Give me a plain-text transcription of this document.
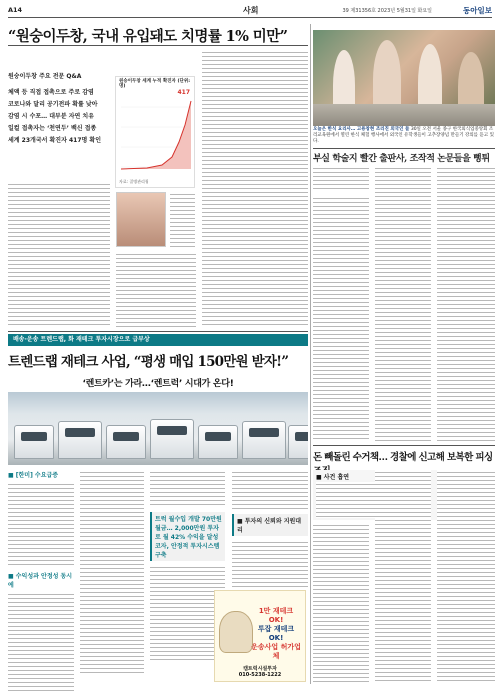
A14	사회	39 제31356호 2023년 5월31일 화요일	동아일보
“원숭이두창, 국내 유입돼도 치명률 1% 미만”
원숭이두창 주요 전문 Q&A
체액 등 직접 접촉으로 주로 감염
코로나와 달리 공기전파 확률 낮아
감염 시 수포… 대부분 자연 치유
일컬 접촉자는 ‘천연두’ 백신 접종
세계 23개국서 확진자 417명 확인
원숭이두창 세계 누적 확진자 (단위: 명)
417
자료: 질병관리청
오늘은 한식 요리사… 고용창현 조리진 외국인 들 30일 오전 서울 종구 한국외식업중앙회 조리교육원에서 열린 한식 체험 행사에서 외국인 유학생들이 고추장양념 만들기 강의를 듣고 있다.
부실 학술지 빨간 출판사, 조작적 논문들을 뻥튀
배송·운송 트렌드랩, 화 재테크 투자시장으로 급부상
트렌드랩 재테크 사업, “평생 매입 150만원 받자!”
‘렌트카’는 가라…‘렌트럭’ 시대가 온다!
■ [한미] 수요급증
■ 수익성과 안정성 동시에
트럭 월수입 개발 70만원 월금… 2,000만원 투자로 월 42% 수익을 달성코자, 안정적 투자시스템 구축
■ 투자의 신뢰와 지원대리
1만 재테크 OK!
투잡 재테크 OK!
운송사업 허가업체
캠트럭시설투자
010-5238-1222
돈 빼돌린 수거책… 경찰에 신고해 보복한 피싱
■ 사건 흡연
